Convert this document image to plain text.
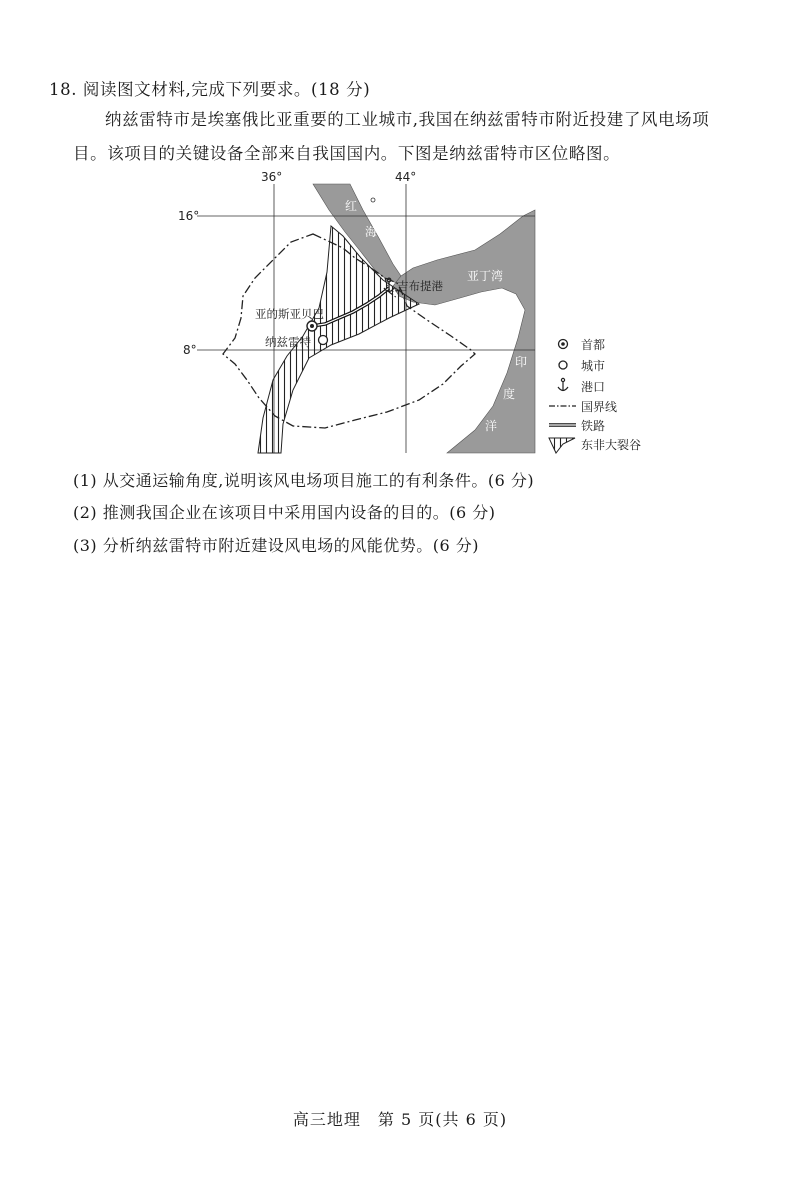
18. 阅读图文材料,完成下列要求。(18 分)
纳兹雷特市是埃塞俄比亚重要的工业城市,我国在纳兹雷特市附近投建了风电场项
目。该项目的关键设备全部来自我国国内。下图是纳兹雷特市区位略图。
36°	44°
16°
8°
红
海
亚丁湾
印
度
洋
亚的斯亚贝巴
纳兹雷特
吉布提港
首都
城市
港口
国界线
铁路
东非大裂谷
(1) 从交通运输角度,说明该风电场项目施工的有利条件。(6 分)
(2) 推测我国企业在该项目中采用国内设备的目的。(6 分)
(3) 分析纳兹雷特市附近建设风电场的风能优势。(6 分)
高三地理　第 5 页(共 6 页)
